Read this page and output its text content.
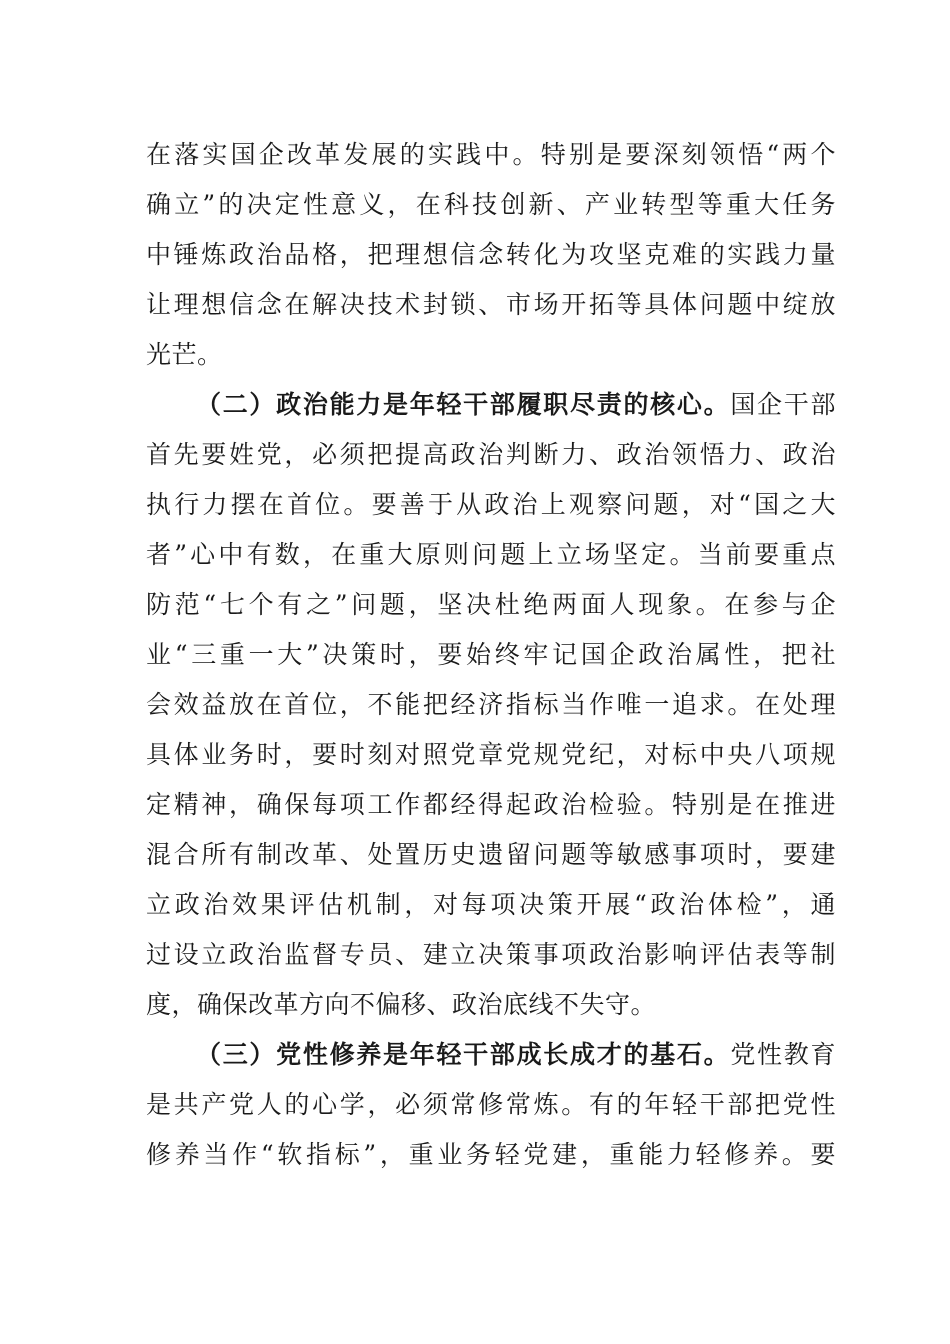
在落实国企改革发展的实践中。特别是要深刻领悟“两个
确立”的决定性意义，在科技创新、产业转型等重大任务
中锤炼政治品格，把理想信念转化为攻坚克难的实践力量
让理想信念在解决技术封锁、市场开拓等具体问题中绽放
光芒。
（二）政治能力是年轻干部履职尽责的核心。国企干部
首先要姓党，必须把提高政治判断力、政治领悟力、政治
执行力摆在首位。要善于从政治上观察问题，对“国之大
者”心中有数，在重大原则问题上立场坚定。当前要重点
防范“七个有之”问题，坚决杜绝两面人现象。在参与企
业“三重一大”决策时，要始终牢记国企政治属性，把社
会效益放在首位，不能把经济指标当作唯一追求。在处理
具体业务时，要时刻对照党章党规党纪，对标中央八项规
定精神，确保每项工作都经得起政治检验。特别是在推进
混合所有制改革、处置历史遗留问题等敏感事项时，要建
立政治效果评估机制，对每项决策开展“政治体检”，通
过设立政治监督专员、建立决策事项政治影响评估表等制
度，确保改革方向不偏移、政治底线不失守。
（三）党性修养是年轻干部成长成才的基石。党性教育
是共产党人的心学，必须常修常炼。有的年轻干部把党性
修养当作“软指标”，重业务轻党建，重能力轻修养。要
